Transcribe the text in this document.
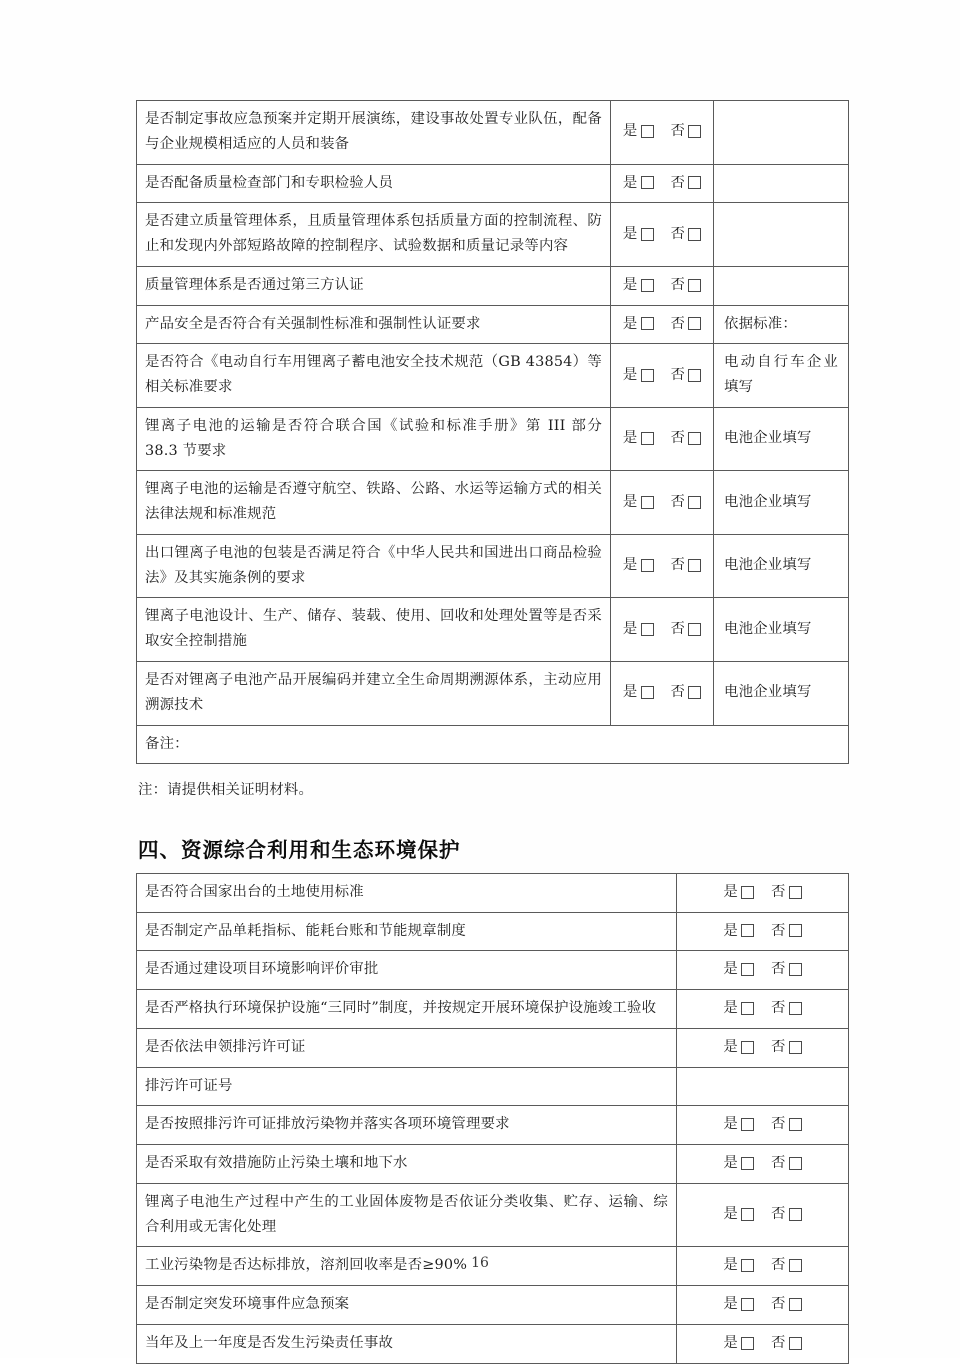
是否制定事故应急预案并定期开展演练，建设事故处置专业队伍，配备与企业规模相适应的人员和装备	是 否	

是否配备质量检查部门和专职检验人员	是 否	

是否建立质量管理体系，且质量管理体系包括质量方面的控制流程、防止和发现内外部短路故障的控制程序、试验数据和质量记录等内容	是 否	

质量管理体系是否通过第三方认证	是 否	

产品安全是否符合有关强制性标准和强制性认证要求	是 否	依据标准：
是否符合《电动自行车用锂离子蓄电池安全技术规范（GB 43854）等相关标准要求	是 否	电动自行车企业填写
锂离子电池的运输是否符合联合国《试验和标准手册》第 III 部分 38.3 节要求	是 否	电池企业填写
锂离子电池的运输是否遵守航空、铁路、公路、水运等运输方式的相关法律法规和标准规范	是 否	电池企业填写
出口锂离子电池的包装是否满足符合《中华人民共和国进出口商品检验法》及其实施条例的要求	是 否	电池企业填写
锂离子电池设计、生产、储存、装载、使用、回收和处理处置等是否采取安全控制措施	是 否	电池企业填写
是否对锂离子电池产品开展编码并建立全生命周期溯源体系，主动应用溯源技术	是 否	电池企业填写
备注：		

注：请提供相关证明材料。

四、资源综合利用和生态环境保护
是否符合国家出台的土地使用标准	是 否

是否制定产品单耗指标、能耗台账和节能规章制度	是 否

是否通过建设项目环境影响评价审批	是 否

是否严格执行环境保护设施“三同时”制度，并按规定开展环境保护设施竣工验收	是 否

是否依法申领排污许可证	是 否

排污许可证号	
是否按照排污许可证排放污染物并落实各项环境管理要求	是 否

是否采取有效措施防止污染土壤和地下水	是 否

锂离子电池生产过程中产生的工业固体废物是否依证分类收集、贮存、运输、综合利用或无害化处理	是 否

工业污染物是否达标排放，溶剂回收率是否≥90%	是 否

是否制定突发环境事件应急预案	是 否

当年及上一年度是否发生污染责任事故	是 否
16
